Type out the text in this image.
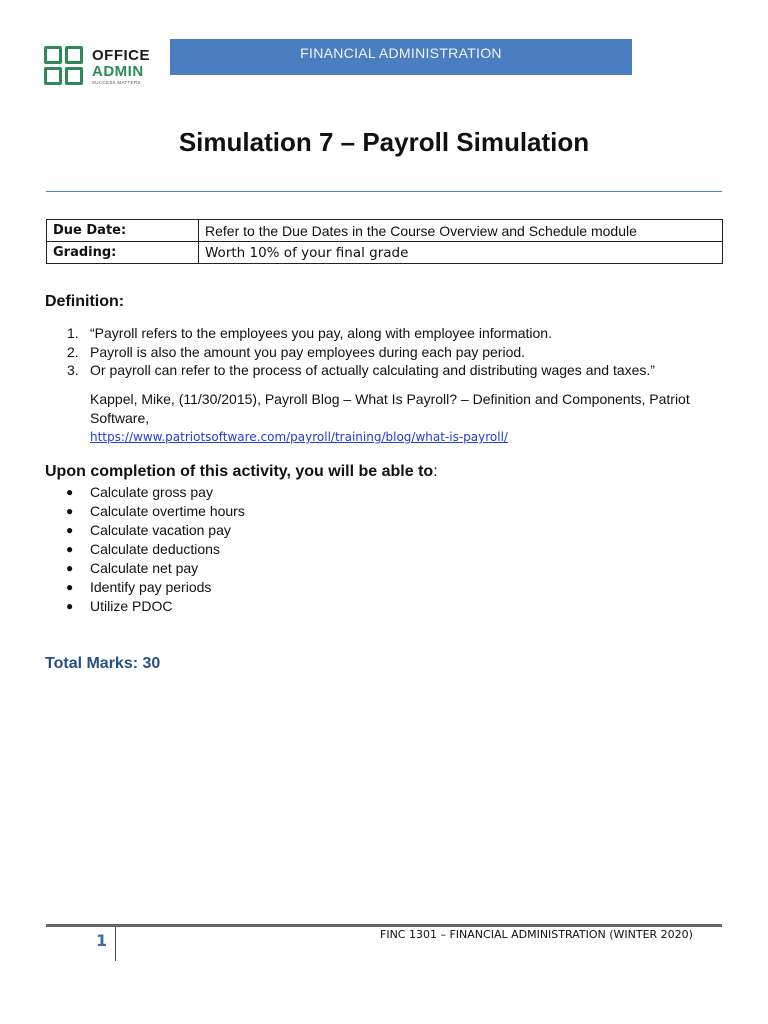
OFFICE
ADMIN
SUCCESS MATTERS
FINANCIAL ADMINISTRATION
Simulation 7 – Payroll Simulation
Due Date:	Refer to the Due Dates in the Course Overview and Schedule module
Grading:	Worth 10% of your final grade
Definition:
1. “Payroll refers to the employees you pay, along with employee information.
2. Payroll is also the amount you pay employees during each pay period.
3. Or payroll can refer to the process of actually calculating and distributing wages and taxes.”
Kappel, Mike, (11/30/2015), Payroll Blog – What Is Payroll? – Definition and Components, Patriot Software,
https://www.patriotsoftware.com/payroll/training/blog/what-is-payroll/
Upon completion of this activity, you will be able to:
● Calculate gross pay
● Calculate overtime hours
● Calculate vacation pay
● Calculate deductions
● Calculate net pay
● Identify pay periods
● Utilize PDOC
Total Marks: 30
1	FINC 1301 – FINANCIAL ADMINISTRATION (WINTER 2020)
